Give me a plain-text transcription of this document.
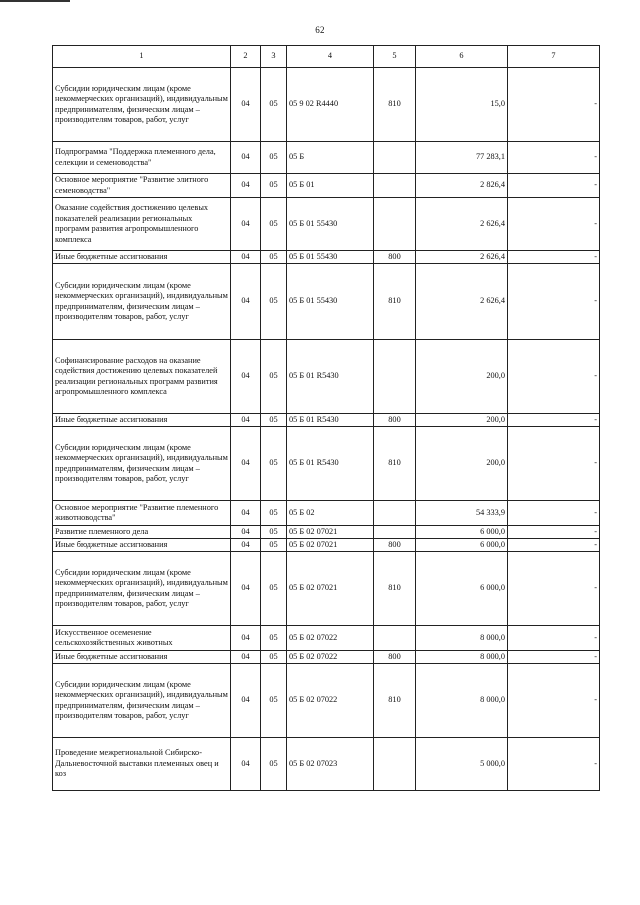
62
1	2	3	4	5	6	7
Субсидии юридическим лицам (кроме некоммерческих организаций), индивидуальным предпринимателям, физическим лицам – производителям товаров, работ, услуг	04	05	05 9 02 R4440	810	15,0	-
Подпрограмма "Поддержка племенного дела, селекции и семеноводства"	04	05	05 Б		77 283,1	-
Основное мероприятие "Развитие элитного семеноводства"	04	05	05 Б 01		2 826,4	-
Оказание содействия достижению целевых показателей реализации региональных программ развития агропромышленного комплекса	04	05	05 Б 01 55430		2 626,4	-
Иные бюджетные ассигнования	04	05	05 Б 01 55430	800	2 626,4	-
Субсидии юридическим лицам (кроме некоммерческих организаций), индивидуальным предпринимателям, физическим лицам – производителям товаров, работ, услуг	04	05	05 Б 01 55430	810	2 626,4	-
Софинансирование расходов на оказание содействия достижению целевых показателей реализации региональных программ развития агропромышленного комплекса	04	05	05 Б 01 R5430		200,0	-
Иные бюджетные ассигнования	04	05	05 Б 01 R5430	800	200,0	-
Субсидии юридическим лицам (кроме некоммерческих организаций), индивидуальным предпринимателям, физическим лицам – производителям товаров, работ, услуг	04	05	05 Б 01 R5430	810	200,0	-
Основное мероприятие "Развитие племенного животноводства"	04	05	05 Б 02		54 333,9	-
Развитие племенного дела	04	05	05 Б 02 07021		6 000,0	-
Иные бюджетные ассигнования	04	05	05 Б 02 07021	800	6 000,0	-
Субсидии юридическим лицам (кроме некоммерческих организаций), индивидуальным предпринимателям, физическим лицам – производителям товаров, работ, услуг	04	05	05 Б 02 07021	810	6 000,0	-
Искусственное осеменение сельскохозяйственных животных	04	05	05 Б 02 07022		8 000,0	-
Иные бюджетные ассигнования	04	05	05 Б 02 07022	800	8 000,0	-
Субсидии юридическим лицам (кроме некоммерческих организаций), индивидуальным предпринимателям, физическим лицам – производителям товаров, работ, услуг	04	05	05 Б 02 07022	810	8 000,0	-
Проведение межрегиональной Сибирско-Дальневосточной выставки племенных овец и коз	04	05	05 Б 02 07023		5 000,0	-
